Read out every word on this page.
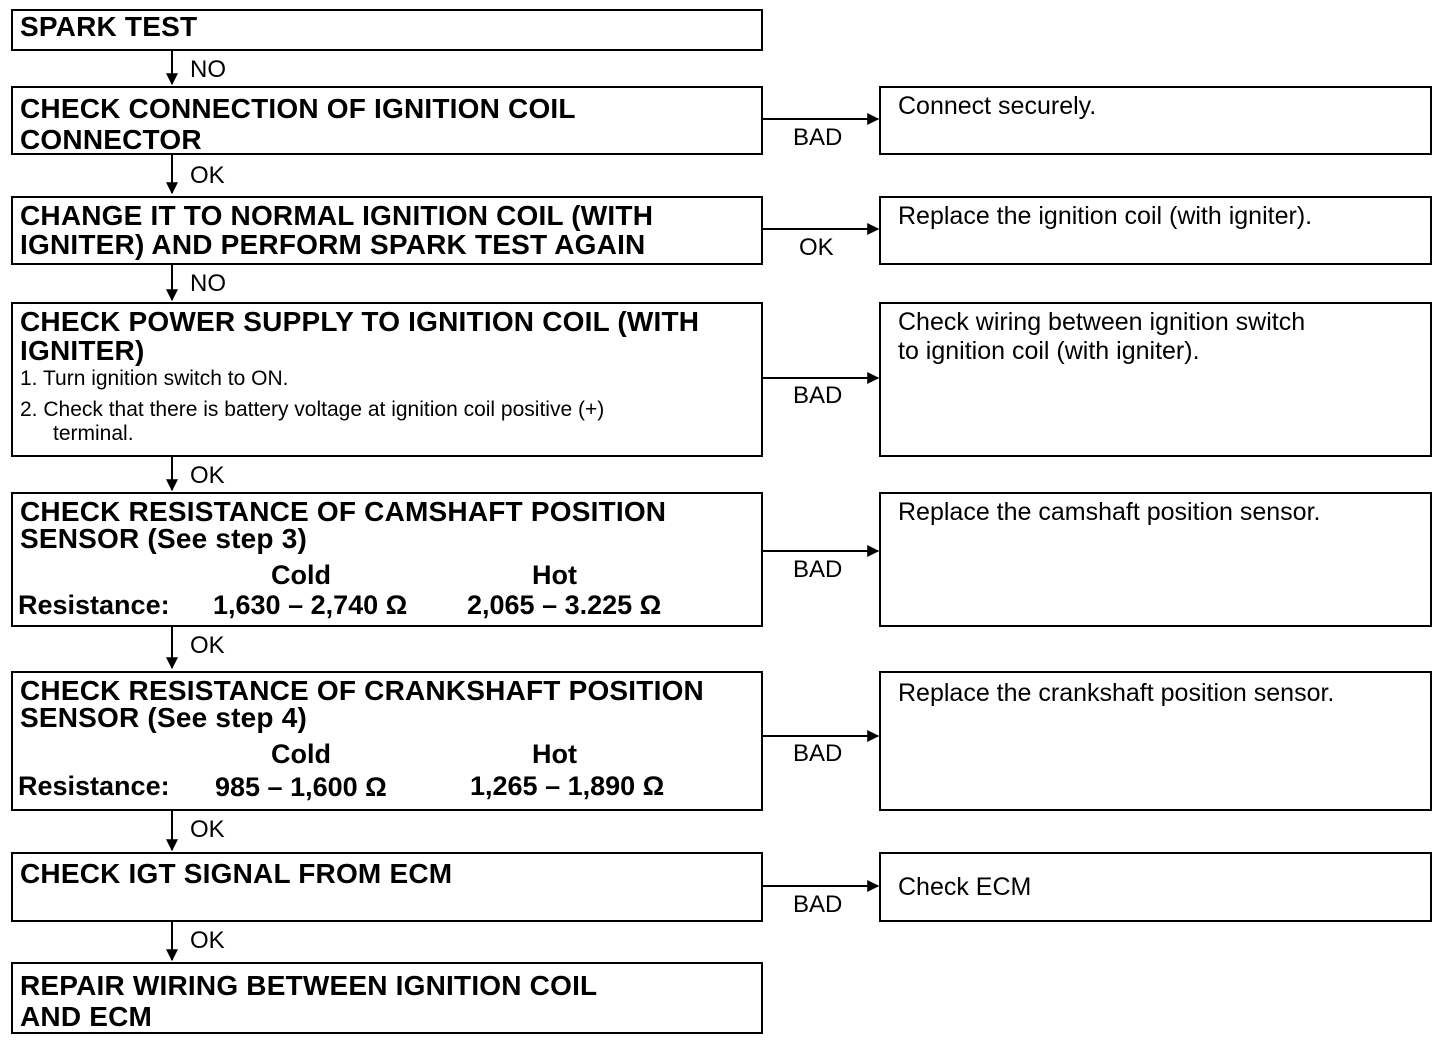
SPARK TEST
CHECK CONNECTION OF IGNITION COIL
CONNECTOR
CHANGE IT TO NORMAL IGNITION COIL (WITH
IGNITER) AND PERFORM SPARK TEST AGAIN
CHECK POWER SUPPLY TO IGNITION COIL (WITH
IGNITER)
1. Turn ignition switch to ON.
2. Check that there is battery voltage at ignition coil positive (+)
terminal.
CHECK RESISTANCE OF CAMSHAFT POSITION
SENSOR (See step 3)
Cold	Hot
Resistance: 1,630 – 2,740 Ω 2,065 – 3.225 Ω
CHECK RESISTANCE OF CRANKSHAFT POSITION
SENSOR (See step 4)
Cold	Hot
Resistance: 985 – 1,600 Ω	1,265 – 1,890 Ω
CHECK IGT SIGNAL FROM ECM
REPAIR WIRING BETWEEN IGNITION COIL
AND ECM
NO
OK
NO
OK
OK
OK
OK
BAD
OK
BAD
BAD
BAD
BAD
Connect securely.
Replace the ignition coil (with igniter).
Check wiring between ignition switch
to ignition coil (with igniter).
Replace the camshaft position sensor.
Replace the crankshaft position sensor.
Check ECM
